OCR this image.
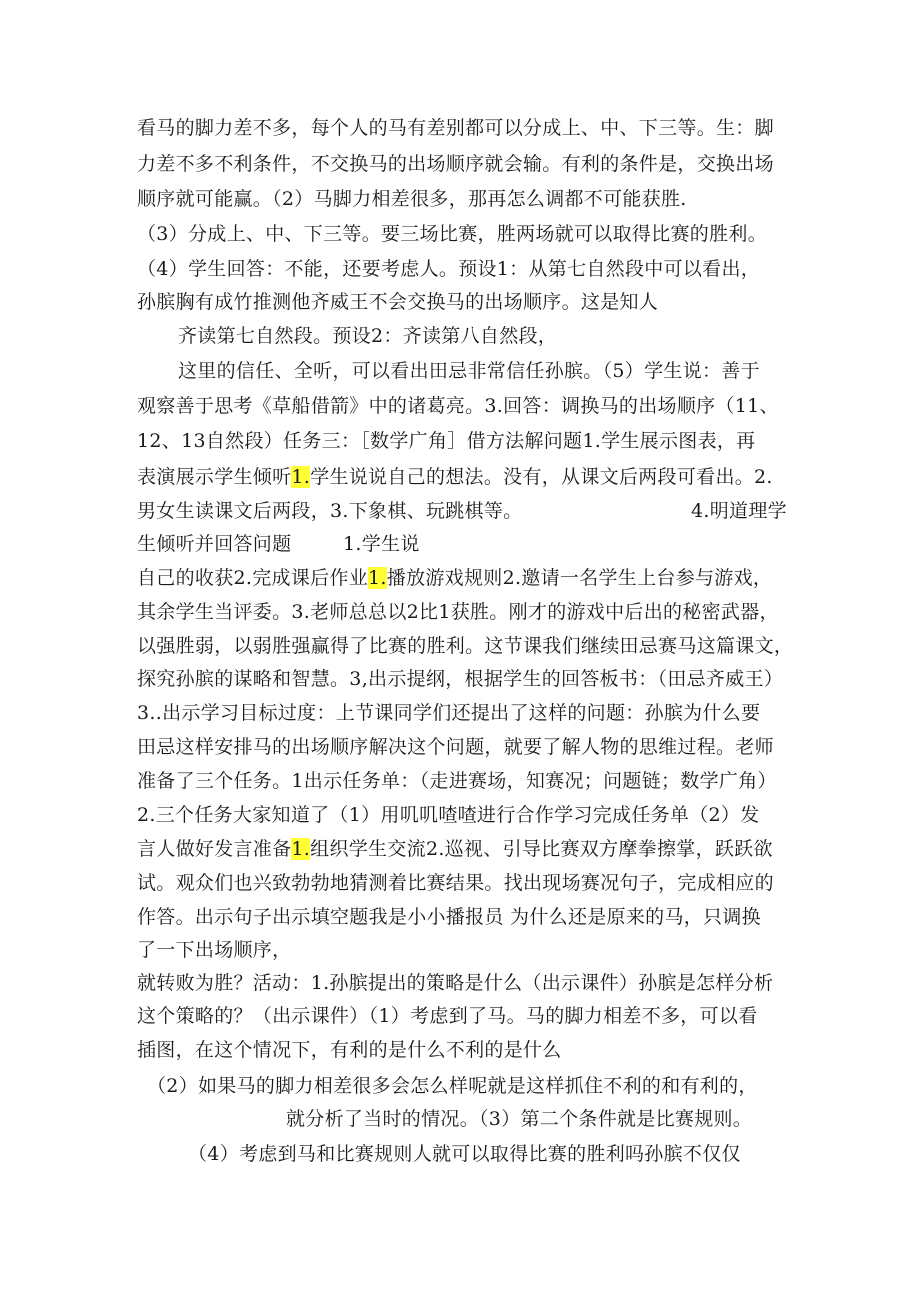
看马的脚力差不多，每个人的马有差别都可以分成上、中、下三等。生：脚
力差不多不利条件，不交换马的出场顺序就会输。有利的条件是，交换出场
顺序就可能赢。（2）马脚力相差很多，那再怎么调都不可能获胜.
（3）分成上、中、下三等。要三场比赛，胜两场就可以取得比赛的胜利。
（4）学生回答：不能，还要考虑人。预设1：从第七自然段中可以看出，
孙膑胸有成竹推测他齐威王不会交换马的出场顺序。这是知人
齐读第七自然段。预设2：齐读第八自然段，
这里的信任、全听，可以看出田忌非常信任孙膑。（5）学生说：善于
观察善于思考《草船借箭》中的诸葛亮。3.回答：调换马的出场顺序（11、
12、13自然段）任务三：［数学广角］借方法解问题1.学生展示图表，再
表演展示学生倾听1.学生说说自己的想法。没有，从课文后两段可看出。2.
男女生读课文后两段，3.下象棋、玩跳棋等。	4.明道理学
生倾听并回答问题	1.学生说
自己的收获2.完成课后作业1.播放游戏规则2.邀请一名学生上台参与游戏，
其余学生当评委。3.老师总总以2比1获胜。刚才的游戏中后出的秘密武器，
以强胜弱，以弱胜强赢得了比赛的胜利。这节课我们继续田忌赛马这篇课文，
探究孙膑的谋略和智慧。3,出示提纲，根据学生的回答板书：（田忌齐威王）
3..出示学习目标过度：上节课同学们还提出了这样的问题：孙膑为什么要
田忌这样安排马的出场顺序解决这个问题，就要了解人物的思维过程。老师
准备了三个任务。1出示任务单：（走进赛场，知赛况；问题链；数学广角）
2.三个任务大家知道了（1）用叽叽喳喳进行合作学习完成任务单（2）发
言人做好发言准备1.组织学生交流2.巡视、引导比赛双方摩拳擦掌，跃跃欲
试。观众们也兴致勃勃地猜测着比赛结果。找出现场赛况句子，完成相应的
作答。出示句子出示填空题我是小小播报员 为什么还是原来的马，只调换
了一下出场顺序，
就转败为胜？活动：1.孙膑提出的策略是什么（出示课件）孙膑是怎样分析
这个策略的？（出示课件）（1）考虑到了马。马的脚力相差不多，可以看
插图，在这个情况下，有利的是什么不利的是什么
（2）如果马的脚力相差很多会怎么样呢就是这样抓住不利的和有利的，
就分析了当时的情况。（3）第二个条件就是比赛规则。
（4）考虑到马和比赛规则人就可以取得比赛的胜利吗孙膑不仅仅
